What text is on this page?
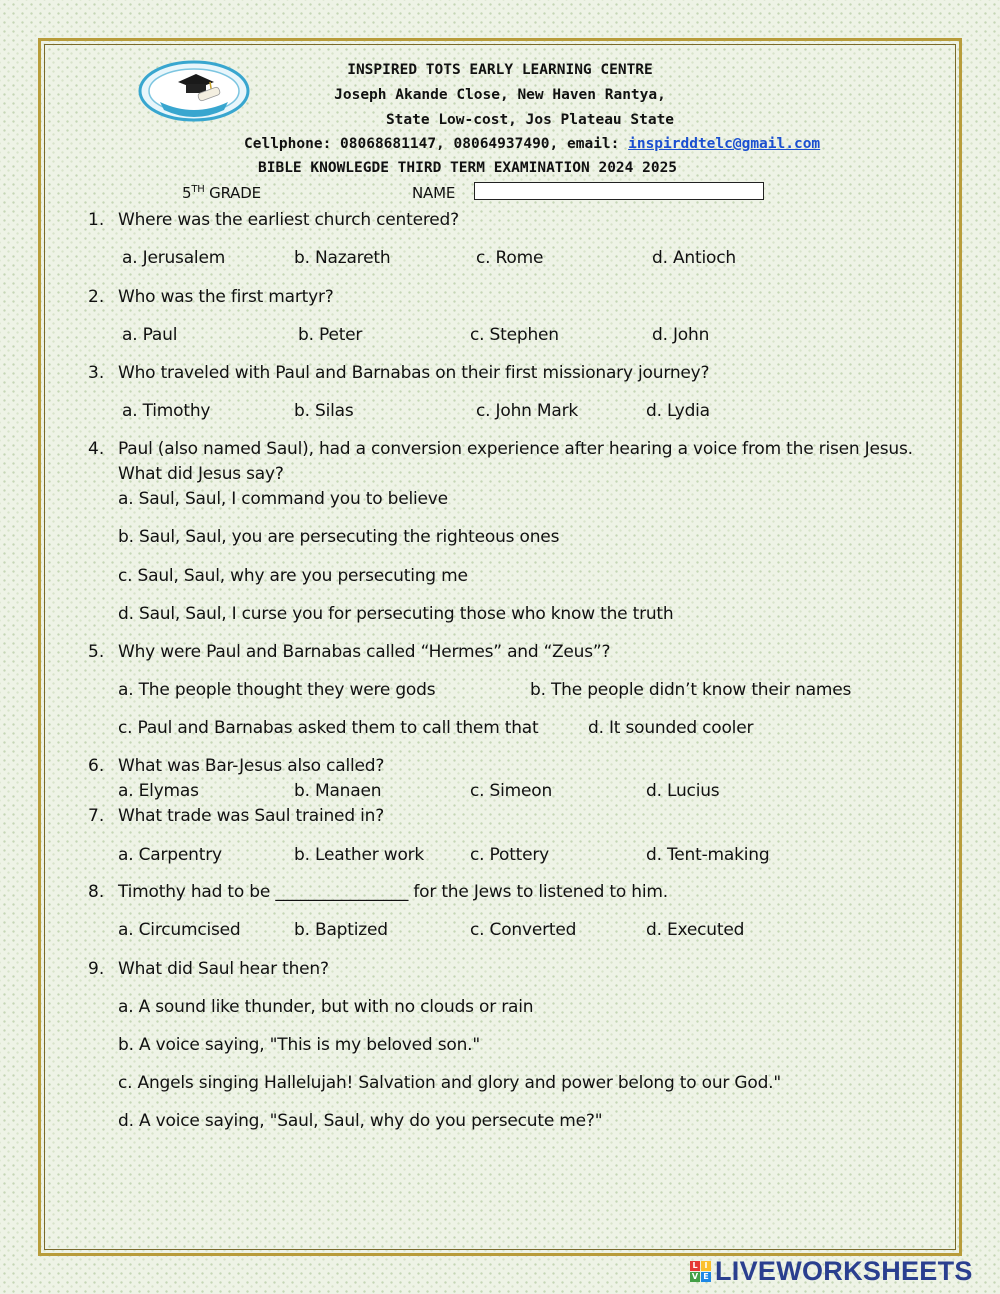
INSPIRED TOTS EARLY LEARNING CENTRE
Joseph Akande Close, New Haven Rantya,
State Low-cost, Jos Plateau State
Cellphone: 08068681147, 08064937490, email: inspirddtelc@gmail.com
BIBLE KNOWLEGDE THIRD TERM EXAMINATION 2024 2025
5TH GRADE	NAME
1. Where was the earliest church centered?
a. Jerusalem	b. Nazareth	c. Rome	d. Antioch
2. Who was the first martyr?
a. Paul	b. Peter	c. Stephen	d. John
3. Who traveled with Paul and Barnabas on their first missionary journey?
a. Timothy	b. Silas	c. John Mark	d. Lydia
4. Paul (also named Saul), had a conversion experience after hearing a voice from the risen Jesus.
What did Jesus say?
a. Saul, Saul, I command you to believe
b. Saul, Saul, you are persecuting the righteous ones
c. Saul, Saul, why are you persecuting me
d. Saul, Saul, I curse you for persecuting those who know the truth
5. Why were Paul and Barnabas called “Hermes” and “Zeus”?
a. The people thought they were gods	b. The people didn’t know their names
c. Paul and Barnabas asked them to call them that	d. It sounded cooler
6. What was Bar-Jesus also called?
a. Elymas	b. Manaen	c. Simeon	d. Lucius
7. What trade was Saul trained in?
a. Carpentry	b. Leather work	c. Pottery	d. Tent-making
8. Timothy had to be ________________ for the Jews to listened to him.
a. Circumcised	b. Baptized	c. Converted	d. Executed
9. What did Saul hear then?
a. A sound like thunder, but with no clouds or rain
b. A voice saying, "This is my beloved son."
c. Angels singing Hallelujah! Salvation and glory and power belong to our God."
d. A voice saying, "Saul, Saul, why do you persecute me?"
L I
V E LIVEWORKSHEETS
